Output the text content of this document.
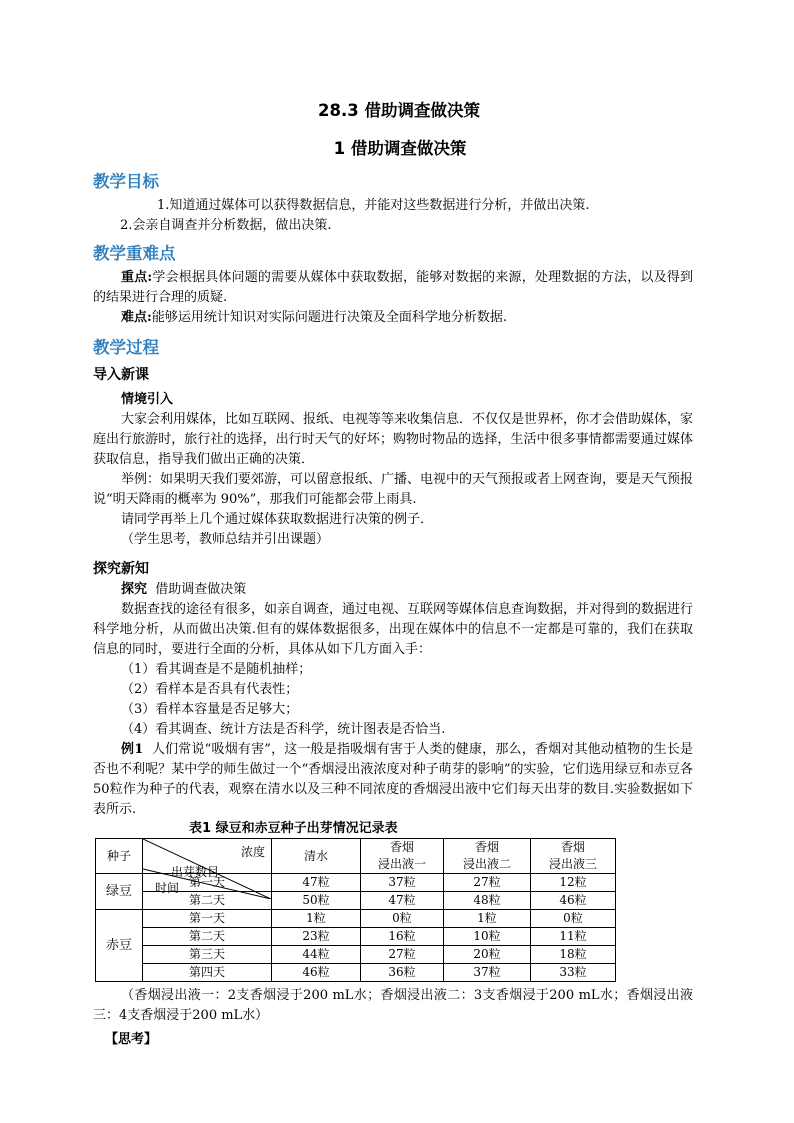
28.3 借助调查做决策
1 借助调查做决策
教学目标

1.知道通过媒体可以获得数据信息，并能对这些数据进行分析，并做出决策.

2.会亲自调查并分析数据，做出决策.

教学重难点

重点:学会根据具体问题的需要从媒体中获取数据，能够对数据的来源，处理数据的方法，以及得到的结果进行合理的质疑.

难点:能够运用统计知识对实际问题进行决策及全面科学地分析数据.

教学过程
导入新课

情境引入

大家会利用媒体，比如互联网、报纸、电视等等来收集信息．不仅仅是世界杯，你才会借助媒体，家庭出行旅游时，旅行社的选择，出行时天气的好坏；购物时物品的选择，生活中很多事情都需要通过媒体获取信息，指导我们做出正确的决策．

举例：如果明天我们要郊游，可以留意报纸、广播、电视中的天气预报或者上网查询，要是天气预报说“明天降雨的概率为 90%”，那我们可能都会带上雨具.

请同学再举上几个通过媒体获取数据进行决策的例子．

（学生思考，教师总结并引出课题）

探究新知

探究 借助调查做决策

数据查找的途径有很多，如亲自调查，通过电视、互联网等媒体信息查询数据，并对得到的数据进行科学地分析，从而做出决策.但有的媒体数据很多，出现在媒体中的信息不一定都是可靠的，我们在获取信息的同时，要进行全面的分析，具体从如下几方面入手：

（1）看其调查是不是随机抽样；

（2）看样本是否具有代表性；

（3）看样本容量是否足够大；

（4）看其调查、统计方法是否科学，统计图表是否恰当.

例1 人们常说“吸烟有害”，这一般是指吸烟有害于人类的健康，那么，香烟对其他动植物的生长是否也不利呢？某中学的师生做过一个“香烟浸出液浓度对种子萌芽的影响”的实验，它们选用绿豆和赤豆各50粒作为种子的代表，观察在清水以及三种不同浓度的香烟浸出液中它们每天出芽的数目.实验数据如下表所示.

表1 绿豆和赤豆种子出芽情况记录表
种子	浓度
出芽数目
时间	清水	香烟
浸出液一	香烟
浸出液二	香烟
浸出液三
绿豆	第一天	47粒	37粒	27粒	12粒
	第二天	50粒	47粒	48粒	46粒
赤豆	第一天	1粒	0粒	1粒	0粒
	第二天	23粒	16粒	10粒	11粒
	第三天	44粒	27粒	20粒	18粒
	第四天	46粒	36粒	37粒	33粒

（香烟浸出液一：2支香烟浸于200 mL水；香烟浸出液二：3支香烟浸于200 mL水；香烟浸出液三：4支香烟浸于200 mL水）

【思考】
